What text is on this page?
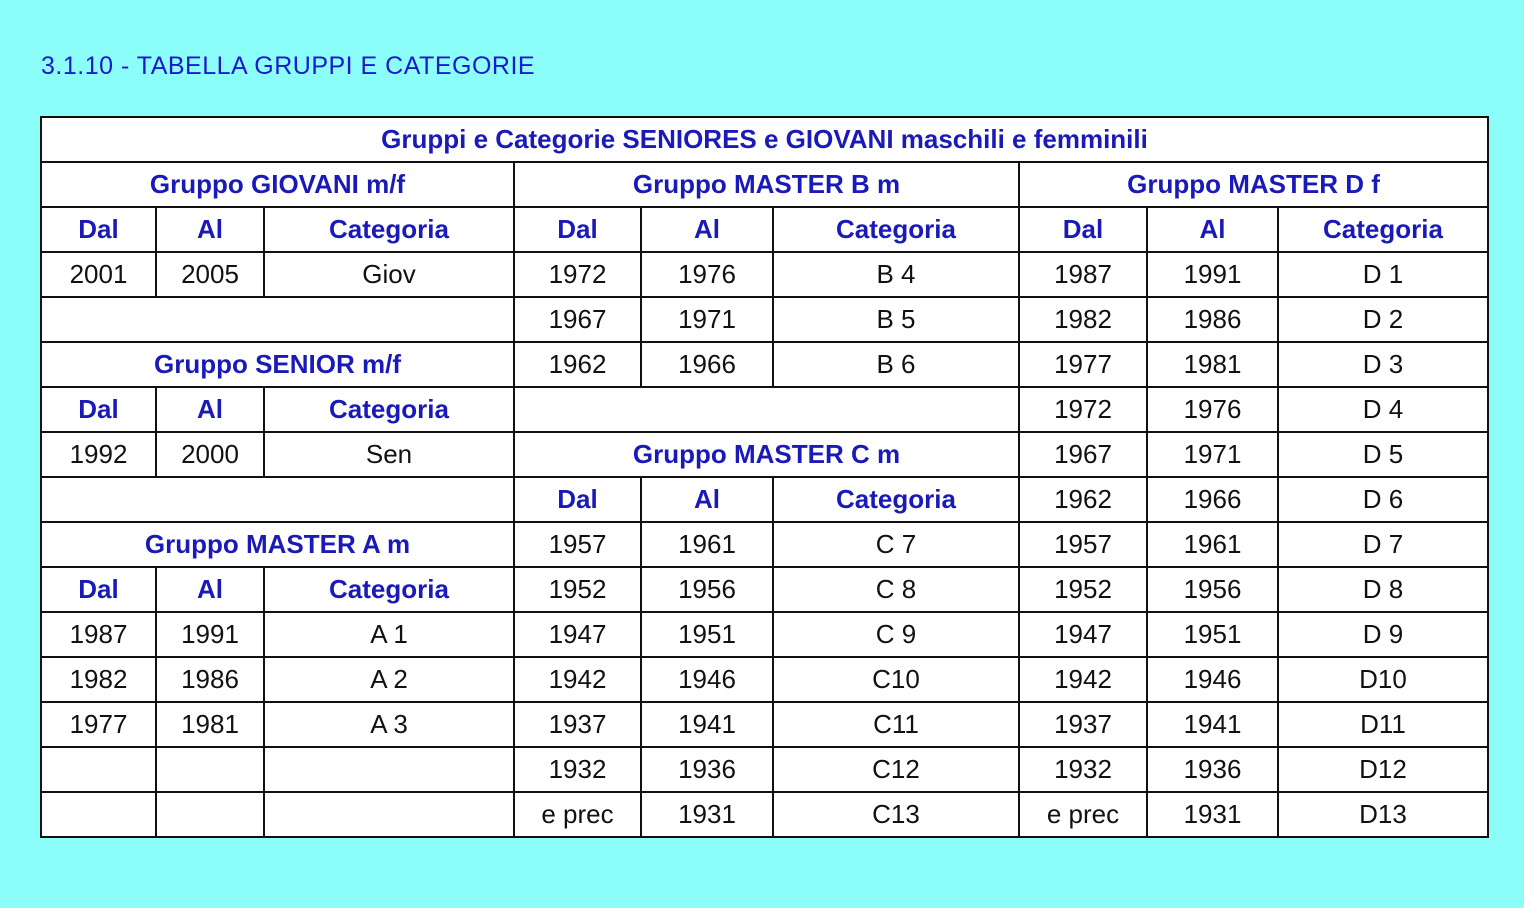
3.1.10 - TABELLA GRUPPI E CATEGORIE
Gruppi e Categorie SENIORES e GIOVANI maschili e femminili								
Gruppo GIOVANI m/f			Gruppo MASTER B m			Gruppo MASTER D f		
Dal	Al	Categoria	Dal	Al	Categoria	Dal	Al	Categoria
2001	2005	Giov	1972	1976	B 4	1987	1991	D 1
			1967	1971	B 5	1982	1986	D 2
Gruppo SENIOR m/f			1962	1966	B 6	1977	1981	D 3
Dal	Al	Categoria				1972	1976	D 4
1992	2000	Sen	Gruppo MASTER C m			1967	1971	D 5
			Dal	Al	Categoria	1962	1966	D 6
Gruppo MASTER A m			1957	1961	C 7	1957	1961	D 7
Dal	Al	Categoria	1952	1956	C 8	1952	1956	D 8
1987	1991	A 1	1947	1951	C 9	1947	1951	D 9
1982	1986	A 2	1942	1946	C10	1942	1946	D10
1977	1981	A 3	1937	1941	C11	1937	1941	D11
			1932	1936	C12	1932	1936	D12
			e prec	1931	C13	e prec	1931	D13
